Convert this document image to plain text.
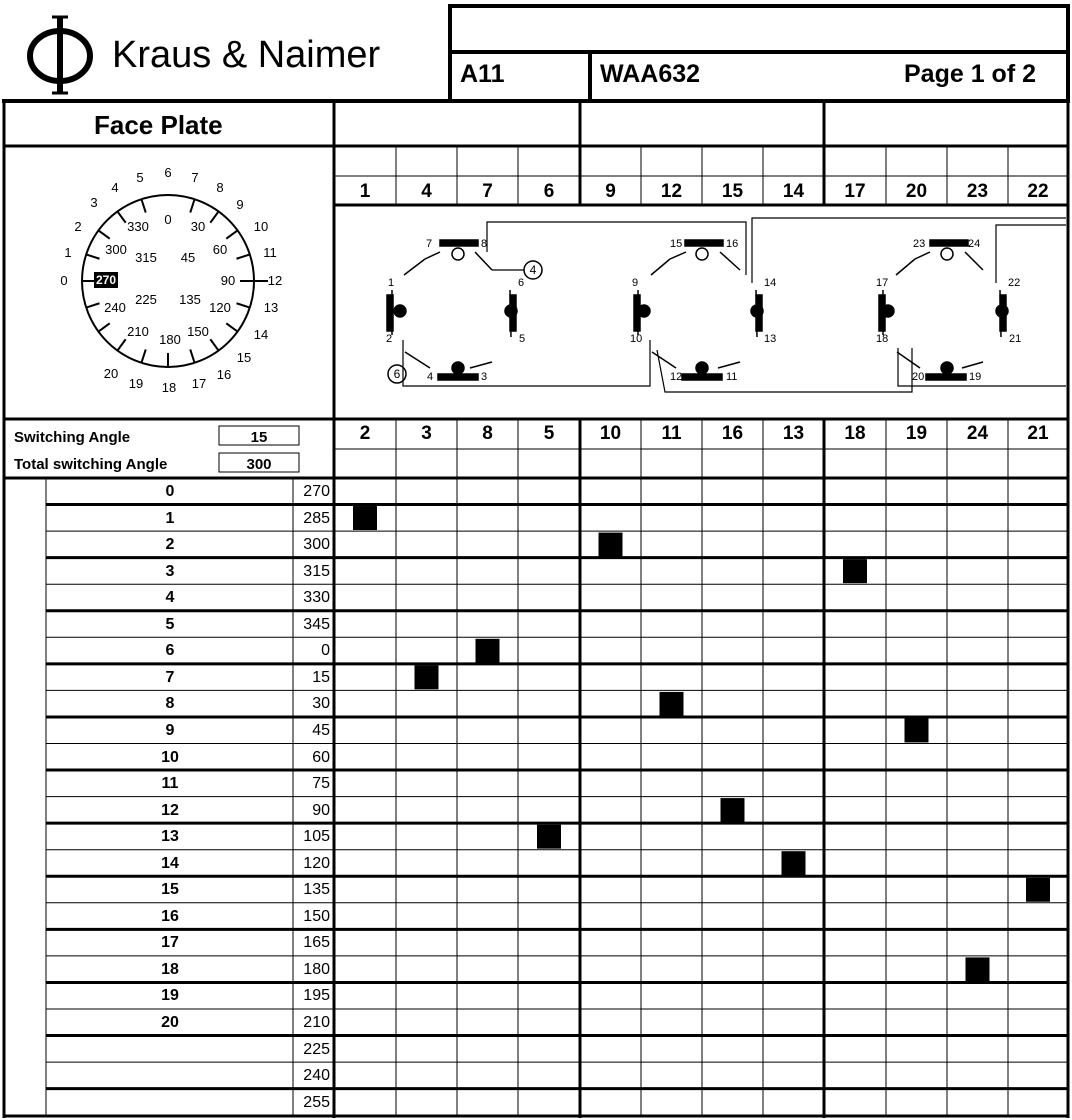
Kraus & Naimer	A11	WAA632	Page 1 of 2
Face Plate
0
1
2
3
4
5	6	7
8
9
10
11
12
13
14
15
16
17
18
19
20
0	30
60
90
120
150
180
210
240
270
300
330
45
135
225
315
Switching Angle	15
Total switching Angle	300
1	4	7	6	9	12	15	14	17	20	23	22
2	3	8	5	10	11	16	13	18	19	24	21
1
2
3
4
5
6
7	8
9
10
11
12
13
14
15	16
17
18
19
20
21
22
23	24
4
6
0	270
1	285
2	300
3	315
4	330
5	345
6	0
7	15
8	30
9	45
10	60
11	75
12	90
13	105
14	120
15	135
16	150
17	165
18	180
19	195
20	210
225
240
255
